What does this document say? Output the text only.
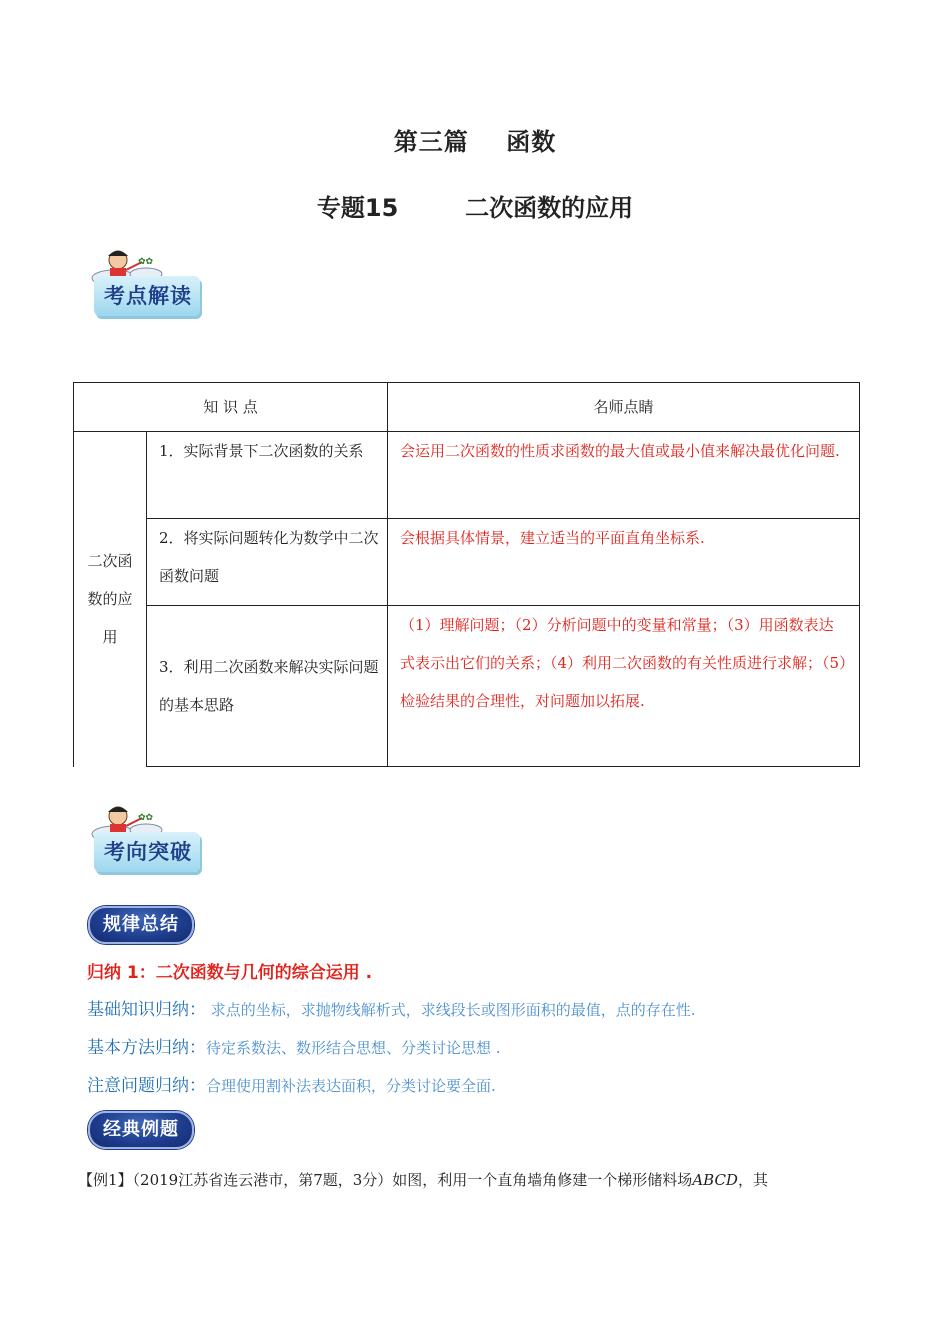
第三篇    函数
专题15        二次函数的应用
✿✿
考点解读
知 识 点		名师点睛
二次函数的应用	1．实际背景下二次函数的关系	会运用二次函数的性质求函数的最大值或最小值来解决最优化问题.
	2．将实际问题转化为数学中二次函数问题	会根据具体情景，建立适当的平面直角坐标系.
	3．利用二次函数来解决实际问题的基本思路	（1）理解问题；（2）分析问题中的变量和常量；（3）用函数表达式表示出它们的关系；（4）利用二次函数的有关性质进行求解；（5）检验结果的合理性，对问题加以拓展.
✿✿
考向突破
规律总结
归纳 1：二次函数与几何的综合运用 .
基础知识归纳： 求点的坐标，求抛物线解析式，求线段长或图形面积的最值，点的存在性.
基本方法归纳：待定系数法、数形结合思想、分类讨论思想 .
注意问题归纳：合理使用割补法表达面积，分类讨论要全面.
经典例题
【例1】（2019江苏省连云港市，第7题，3分）如图，利用一个直角墙角修建一个梯形储料场ABCD，其
